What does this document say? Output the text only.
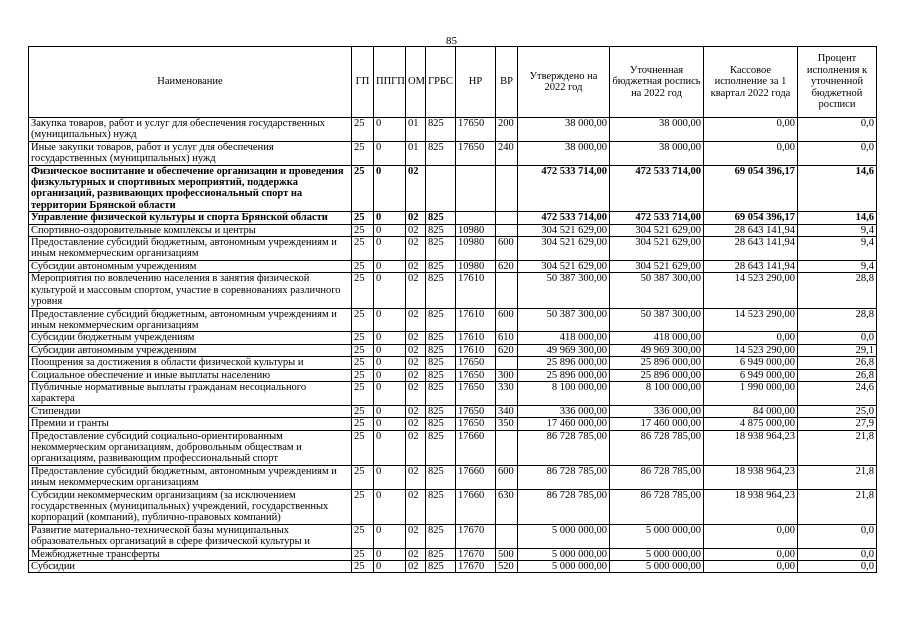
85
Наименование	ГП	ППГП	ОМ	ГРБС	НР	ВР	Утверждено на 2022 год	Уточненная бюджетная роспись на 2022 год	Кассовое исполнение за 1 квартал 2022 года	Процент исполнения к уточненной бюджетной росписи
Закупка товаров, работ и услуг для обеспечения государственных (муниципальных) нужд	25	0	01	825	17650	200	38 000,00	38 000,00	0,00	0,0
Иные закупки товаров, работ и услуг для обеспечения государственных (муниципальных) нужд	25	0	01	825	17650	240	38 000,00	38 000,00	0,00	0,0
Физическое воспитание и обеспечение организации и проведения физкультурных и спортивных мероприятий, поддержка организаций, развивающих профессиональный спорт на территории Брянской области	25	0	02				472 533 714,00	472 533 714,00	69 054 396,17	14,6
Управление физической культуры и спорта Брянской области	25	0	02	825			472 533 714,00	472 533 714,00	69 054 396,17	14,6
Спортивно-оздоровительные комплексы и центры	25	0	02	825	10980		304 521 629,00	304 521 629,00	28 643 141,94	9,4
Предоставление субсидий бюджетным, автономным учреждениям и иным некоммерческим организациям	25	0	02	825	10980	600	304 521 629,00	304 521 629,00	28 643 141,94	9,4
Субсидии автономным учреждениям	25	0	02	825	10980	620	304 521 629,00	304 521 629,00	28 643 141,94	9,4
Мероприятия по вовлечению населения в занятия физической культурой и массовым спортом, участие в соревнованиях различного уровня	25	0	02	825	17610		50 387 300,00	50 387 300,00	14 523 290,00	28,8
Предоставление субсидий бюджетным, автономным учреждениям и иным некоммерческим организациям	25	0	02	825	17610	600	50 387 300,00	50 387 300,00	14 523 290,00	28,8
Субсидии бюджетным учреждениям	25	0	02	825	17610	610	418 000,00	418 000,00	0,00	0,0
Субсидии автономным учреждениям	25	0	02	825	17610	620	49 969 300,00	49 969 300,00	14 523 290,00	29,1
Поощрения за достижения в области физической культуры и	25	0	02	825	17650		25 896 000,00	25 896 000,00	6 949 000,00	26,8
Социальное обеспечение и иные выплаты населению	25	0	02	825	17650	300	25 896 000,00	25 896 000,00	6 949 000,00	26,8
Публичные нормативные выплаты гражданам несоциального характера	25	0	02	825	17650	330	8 100 000,00	8 100 000,00	1 990 000,00	24,6
Стипендии	25	0	02	825	17650	340	336 000,00	336 000,00	84 000,00	25,0
Премии и гранты	25	0	02	825	17650	350	17 460 000,00	17 460 000,00	4 875 000,00	27,9
Предоставление субсидий социально-ориентированным некоммерческим организациям, добровольным обществам и организациям, развивающим профессиональный спорт	25	0	02	825	17660		86 728 785,00	86 728 785,00	18 938 964,23	21,8
Предоставление субсидий бюджетным, автономным учреждениям и иным некоммерческим организациям	25	0	02	825	17660	600	86 728 785,00	86 728 785,00	18 938 964,23	21,8
Субсидии некоммерческим организациям (за исключением государственных (муниципальных) учреждений, государственных корпораций (компаний), публично-правовых компаний)	25	0	02	825	17660	630	86 728 785,00	86 728 785,00	18 938 964,23	21,8
Развитие материально-технической базы муниципальных образовательных организаций в сфере физической культуры и	25	0	02	825	17670		5 000 000,00	5 000 000,00	0,00	0,0
Межбюджетные трансферты	25	0	02	825	17670	500	5 000 000,00	5 000 000,00	0,00	0,0
Субсидии	25	0	02	825	17670	520	5 000 000,00	5 000 000,00	0,00	0,0
